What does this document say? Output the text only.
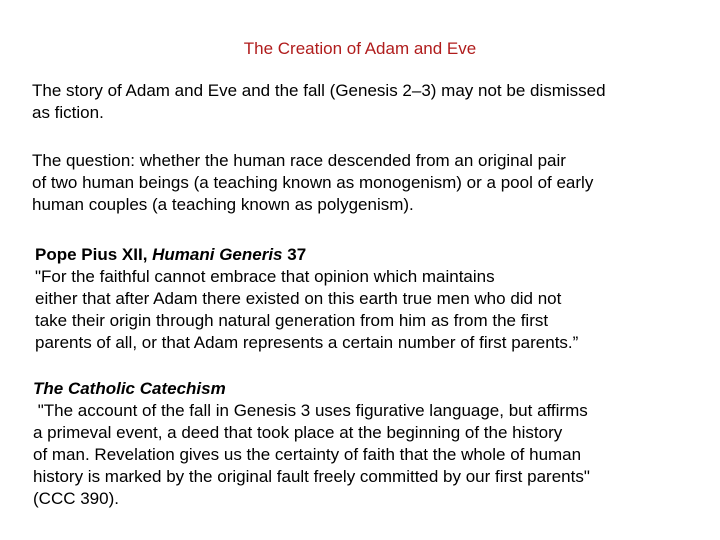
The Creation of Adam and Eve
The story of Adam and Eve and the fall (Genesis 2–3) may not be dismissed
as fiction.
The question: whether the human race descended from an original pair
of two human beings (a teaching known as monogenism) or a pool of early
human couples (a teaching known as polygenism).
Pope Pius XII, Humani Generis 37
"For the faithful cannot embrace that opinion which maintains
either that after Adam there existed on this earth true men who did not
take their origin through natural generation from him as from the first
parents of all, or that Adam represents a certain number of first parents.”
The Catholic Catechism
"The account of the fall in Genesis 3 uses figurative language, but affirms
a primeval event, a deed that took place at the beginning of the history
of man. Revelation gives us the certainty of faith that the whole of human
history is marked by the original fault freely committed by our first parents"
(CCC 390).
